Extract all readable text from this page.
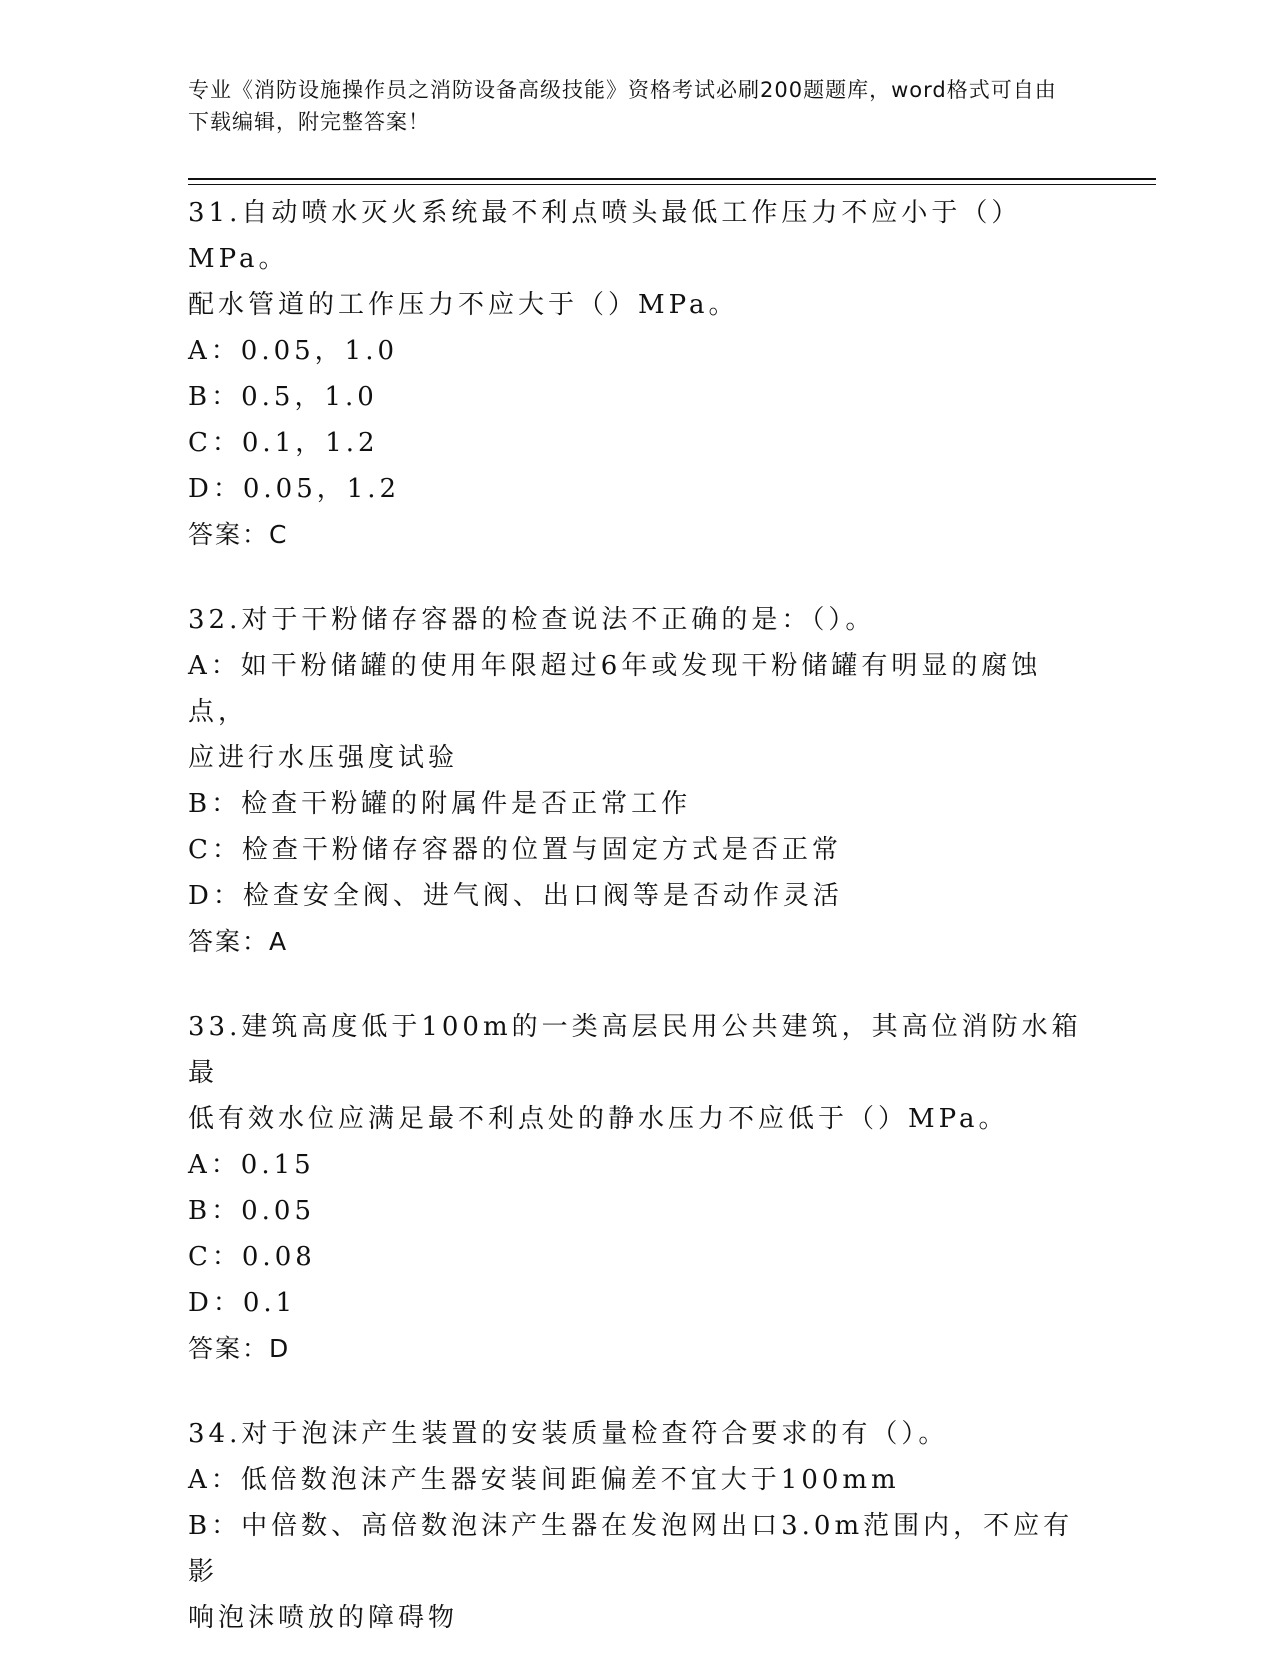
专业《消防设施操作员之消防设备高级技能》资格考试必刷200题题库，word格式可自由下载编辑，附完整答案！
31.自动喷水灭火系统最不利点喷头最低工作压力不应小于（）MPa。
配水管道的工作压力不应大于（）MPa。
A：0.05，1.0
B：0.5，1.0
C：0.1，1.2
D：0.05，1.2
答案：C
32.对于干粉储存容器的检查说法不正确的是：（）。
A：如干粉储罐的使用年限超过6年或发现干粉储罐有明显的腐蚀点，
应进行水压强度试验
B：检查干粉罐的附属件是否正常工作
C：检查干粉储存容器的位置与固定方式是否正常
D：检查安全阀、进气阀、出口阀等是否动作灵活
答案：A
33.建筑高度低于100m的一类高层民用公共建筑，其高位消防水箱最
低有效水位应满足最不利点处的静水压力不应低于（）MPa。
A：0.15
B：0.05
C：0.08
D：0.1
答案：D
34.对于泡沫产生装置的安装质量检查符合要求的有（）。
A：低倍数泡沫产生器安装间距偏差不宜大于100mm
B：中倍数、高倍数泡沫产生器在发泡网出口3.0m范围内，不应有影
响泡沫喷放的障碍物
